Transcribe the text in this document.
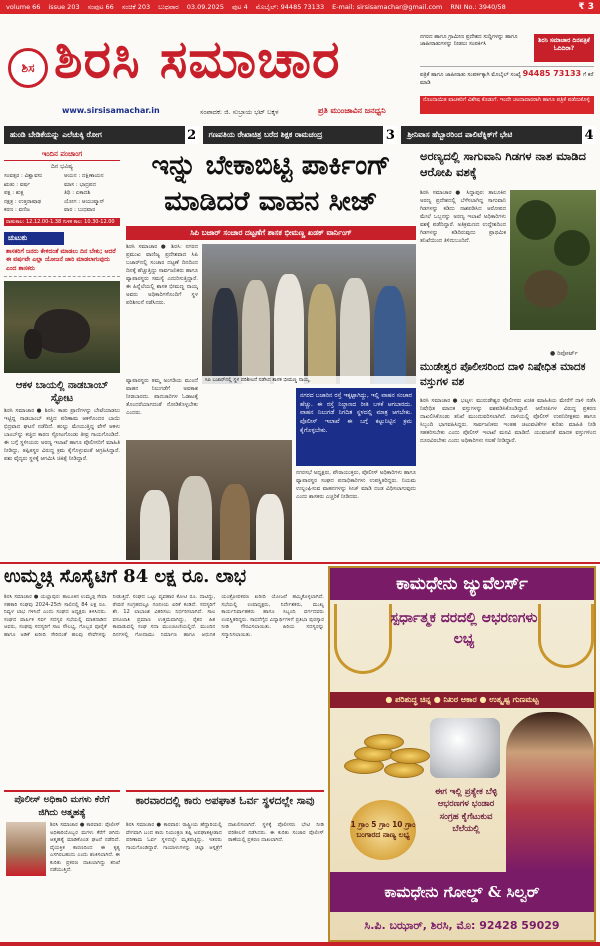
volume 66 issue 203 ಸಂಪುಟ 66 ಸಂಚಿಕೆ 203 ಬುಧವಾರ 03.09.2025 ಪುಟ 4 ಮೊಬೈಲ್: 94485 73133 E-mail: sirsisamachar@gmail.com RNI No.: 3940/58	₹ 3
ಶಿಸ ಶಿರಸಿ ಸಮಾಚಾರ
www.sirsisamachar.in	ಸಂಪಾದಕ: ಜಿ. ಸುಬ್ರಾಯ ಭಟ್ ಬಕ್ಕಳ	ಪ್ರತಿ ಮುಂಜಾವಿನ ಜನಧ್ವನಿ
ನಗರದ ಹಾಗೂ ಗ್ರಾಮೀಣ ಪ್ರದೇಶದ ಸುದ್ದಿಗಳನ್ನು ಹಾಗೂ ಜಾಹೀರಾತುಗಳನ್ನು ನೀಡಲು ಸಂಪರ್ಕಿಸಿ
ಶಿರಸಿ ಸಮಾಚಾರ ದಿನಪತ್ರಿಕೆ ಓದಿದಿರಾ?
ಪತ್ರಿಕೆ ಹಾಗೂ ಜಾಹೀರಾತು ಸಂಪರ್ಕಕ್ಕಾಗಿ ಮೊಬೈಲ್ ಸಂಖ್ಯೆ 94485 73133 ಗೆ ಕರೆ ಮಾಡಿ
ನೊಂದಾಯಿತ ವಾಚಕರಿಗೆ ವಿಶೇಷ ಕೊಡುಗೆ. ಇಂದೇ ಚಂದಾದಾರರಾಗಿ ಹಾಗೂ ಪತ್ರಿಕೆ ಪಡೆದುಕೊಳ್ಳಿ
ಹುಂಡಿ ಬೇಡಿಕೆಯನ್ನು ಎಲೆಚುಕ್ಕಿ ರೋಗ	2	ಗಣಪತಿಯ ರೇಖಾಚಿತ್ರ ಬರೆದ ಶಿಕ್ಷಕ ರಾಮಚಂದ್ರ	3	ಶ್ರೀನಿವಾಸ ಹೆಬ್ಬಾರರಿಂದ ಪಾಲಿಟೆಕ್ನಿಕ್‌ಗೆ ಭೇಟಿ	4
ಇಂದಿನ ಪಂಚಾಂಗ
ದಿನ ಭವಿಷ್ಯ
ಸಂವತ್ಸರ : ವಿಶ್ವಾವಸು	ಆಯನ : ದಕ್ಷಿಣಾಯನ
ಋತು : ವರ್ಷ	ಮಾಸ : ಭಾದ್ರಪದ
ಪಕ್ಷ : ಶುಕ್ಲ	ತಿಥಿ : ಏಕಾದಶಿ
ನಕ್ಷತ್ರ : ಉತ್ತರಾಷಾಢ	ಯೋಗ : ಆಯುಷ್ಮಾನ್
ಕರಣ : ವಣಿಜ	ವಾರ : ಬುಧವಾರ
ರಾಹುಕಾಲ: 12.12.00-1.38 ಗುಳಿಕ ಕಾಲ: 10.30-12.00
ಚುಟುಕು
ಶಾಸಕರಿಗೆ ಜನರು ಕೇಳಿದಂತೆ ಮಾಡಲು ದಿನ ಬೇಕು; ಆದರೆ ಈ ವರ್ಷವೇ ಎಲ್ಲಾ ಯೋಜನೆ ಜಾರಿ ಮಾಡಲಾಗುವುದು ಎಂದ ಶಾಸಕರು
ಆಕಳ ಬಾಯಲ್ಲಿ ನಾಡಬಾಂಬ್ ಸ್ಫೋಟ
ಶಿರಸಿ ಸಮಾಚಾರ ● ಶಿರಸಿ: ಕಾಡು ಪ್ರಾಣಿಗಳನ್ನು ಬೇಟೆಯಾಡಲು ಇಟ್ಟಿದ್ದ ನಾಡಬಾಂಬ್ ಕಚ್ಚಿದ ಪರಿಣಾಮ ಆಕಳೊಂದರ ಬಾಯಿ ಛಿದ್ರವಾದ ಘಟನೆ ನಡೆದಿದೆ. ಹುಲ್ಲು ಮೇಯುತ್ತಿದ್ದ ವೇಳೆ ಆಕಳು ಬಾಂಬ್‌ನ್ನು ಕಚ್ಚಿದ ಕಾರಣ ಸ್ಫೋಟಗೊಂಡು ತೀವ್ರ ಗಾಯಗೊಂಡಿದೆ. ಈ ಬಗ್ಗೆ ಸ್ಥಳೀಯರು ಅರಣ್ಯ ಇಲಾಖೆ ಹಾಗೂ ಪೊಲೀಸರಿಗೆ ಮಾಹಿತಿ ನೀಡಿದ್ದು, ತಪ್ಪಿತಸ್ಥರ ವಿರುದ್ಧ ಕ್ರಮ ಕೈಗೊಳ್ಳುವಂತೆ ಆಗ್ರಹಿಸಿದ್ದಾರೆ. ಪಶು ವೈದ್ಯರು ಸ್ಥಳಕ್ಕೆ ಆಗಮಿಸಿ ಚಿಕಿತ್ಸೆ ನೀಡಿದ್ದಾರೆ.
ಇನ್ನು ಬೇಕಾಬಿಟ್ಟಿ ಪಾರ್ಕಿಂಗ್ ಮಾಡಿದರೆ ವಾಹನ ಸೀಜ್
ಸಿಪಿ ಬಜಾರ್ ಸಂಚಾರ ದಟ್ಟಣೆಗೆ ಶಾಸಕ ಭೀಮಣ್ಣ ಖಡಕ್ ವಾರ್ನಿಂಗ್
ಶಿರಸಿ ಸಮಾಚಾರ ● ಶಿರಸಿ: ನಗರದ ಪ್ರಮುಖ ವಾಣಿಜ್ಯ ಪ್ರದೇಶವಾದ ಸಿಪಿ ಬಜಾರ್‌ನಲ್ಲಿ ಸಂಚಾರ ದಟ್ಟಣೆ ದಿನದಿಂದ ದಿನಕ್ಕೆ ಹೆಚ್ಚುತ್ತಿದ್ದು ಸಾರ್ವಜನಿಕರು ಹಾಗೂ ವ್ಯಾಪಾರಸ್ಥರು ಸಮಸ್ಯೆ ಎದುರಿಸುತ್ತಿದ್ದಾರೆ. ಈ ಹಿನ್ನೆಲೆಯಲ್ಲಿ ಶಾಸಕ ಭೀಮಣ್ಣ ನಾಯ್ಕ ಅವರು ಅಧಿಕಾರಿಗಳೊಂದಿಗೆ ಸ್ಥಳ ಪರಿಶೀಲನೆ ನಡೆಸಿದರು.
ಸಿಪಿ ಬಜಾರ್‌ನಲ್ಲಿ ಸ್ಥಳ ಪರಿಶೀಲನೆ ನಡೆಸಿದ ಶಾಸಕ ಭೀಮಣ್ಣ ನಾಯ್ಕ.
ವ್ಯಾಪಾರಸ್ಥರು ತಮ್ಮ ಅಂಗಡಿಯ ಮುಂದೆ ವಾಹನ ನಿಲುಗಡೆಗೆ ಅವಕಾಶ ನೀಡಬಾರದು. ಪಾದಚಾರಿಗಳ ಓಡಾಟಕ್ಕೆ ತೊಂದರೆಯಾಗದಂತೆ ನೋಡಿಕೊಳ್ಳಬೇಕು ಎಂದರು.
ನಗರದ ಬಜಾರಿನ ರಸ್ತೆ ಇಕ್ಕಟ್ಟಾಗಿದ್ದು, ಇಲ್ಲಿ ವಾಹನ ಸಂಚಾರ ಹೆಚ್ಚು. ಈ ರಸ್ತೆ ನಿಲ್ದಾಣದ ರೀತಿ ಬಳಕೆ ಆಗಬಾರದು. ವಾಹನ ನಿಲುಗಡೆ ನಿಗದಿತ ಸ್ಥಳದಲ್ಲಿ ಮಾತ್ರ ಆಗಬೇಕು. ಪೊಲೀಸ್ ಇಲಾಖೆ ಈ ಬಗ್ಗೆ ಕಟ್ಟುನಿಟ್ಟಿನ ಕ್ರಮ ಕೈಗೊಳ್ಳಬೇಕು.
ನಗರಸಭೆ ಅಧ್ಯಕ್ಷರು, ಪೌರಾಯುಕ್ತರು, ಪೊಲೀಸ್ ಅಧಿಕಾರಿಗಳು ಹಾಗೂ ವ್ಯಾಪಾರಸ್ಥರ ಸಂಘದ ಪದಾಧಿಕಾರಿಗಳು ಉಪಸ್ಥಿತರಿದ್ದರು. ನಿಯಮ ಉಲ್ಲಂಘಿಸುವ ವಾಹನಗಳನ್ನು ಸೀಜ್ ಮಾಡಿ ದಂಡ ವಿಧಿಸಲಾಗುವುದು ಎಂದು ಶಾಸಕರು ಎಚ್ಚರಿಕೆ ನೀಡಿದರು.
ಅರಣ್ಯದಲ್ಲಿ ಸಾಗುವಾನಿ ಗಿಡಗಳ ನಾಶ ಮಾಡಿದ ಆರೋಪಿ ವಶಕ್ಕೆ
ಶಿರಸಿ ಸಮಾಚಾರ ● ಸಿದ್ದಾಪುರ: ತಾಲೂಕಿನ ಅರಣ್ಯ ಪ್ರದೇಶದಲ್ಲಿ ಬೆಳೆಸಲಾಗಿದ್ದ ಸಾಗುವಾನಿ ಗಿಡಗಳನ್ನು ಕಡಿದು ನಾಶಪಡಿಸಿದ ಆರೋಪದ ಮೇಲೆ ಒಬ್ಬನನ್ನು ಅರಣ್ಯ ಇಲಾಖೆ ಅಧಿಕಾರಿಗಳು ವಶಕ್ಕೆ ಪಡೆದಿದ್ದಾರೆ. ಅತಿಕ್ರಮಣದ ಉದ್ದೇಶದಿಂದ ಗಿಡಗಳನ್ನು ಕಡಿದಿರುವುದು ಪ್ರಾಥಮಿಕ ತನಿಖೆಯಿಂದ ತಿಳಿದುಬಂದಿದೆ.
● ರಿಪೋರ್ಟ್
ಮುಡೇಶ್ವರ ಪೊಲೀಸರಿಂದ ದಾಳಿ ನಿಷೇಧಿತ ಮಾದಕ ವಸ್ತುಗಳ ವಶ
ಶಿರಸಿ ಸಮಾಚಾರ ● ಭಟ್ಕಳ: ಮುರುಡೇಶ್ವರ ಪೊಲೀಸರು ಖಚಿತ ಮಾಹಿತಿಯ ಮೇರೆಗೆ ದಾಳಿ ನಡೆಸಿ ನಿಷೇಧಿತ ಮಾದಕ ವಸ್ತುಗಳನ್ನು ವಶಪಡಿಸಿಕೊಂಡಿದ್ದಾರೆ. ಆರೋಪಿಗಳ ವಿರುದ್ಧ ಪ್ರಕರಣ ದಾಖಲಿಸಿಕೊಂಡು ತನಿಖೆ ಮುಂದುವರಿಸಲಾಗಿದೆ. ದಾಳಿಯಲ್ಲಿ ಪೊಲೀಸ್ ಉಪನಿರೀಕ್ಷಕರು ಹಾಗೂ ಸಿಬ್ಬಂದಿ ಭಾಗವಹಿಸಿದ್ದರು. ಸಾರ್ವಜನಿಕರು ಇಂತಹ ಚಟುವಟಿಕೆಗಳ ಕುರಿತು ಮಾಹಿತಿ ನೀಡಿ ಸಹಕರಿಸಬೇಕು ಎಂದು ಪೊಲೀಸ್ ಇಲಾಖೆ ಮನವಿ ಮಾಡಿದೆ. ಯುವಜನತೆ ಮಾದಕ ವಸ್ತುಗಳಿಂದ ದೂರವಿರಬೇಕು ಎಂದು ಅಧಿಕಾರಿಗಳು ಸಲಹೆ ನೀಡಿದ್ದಾರೆ.
ಉಮ್ಮಚ್ಗಿ ಸೊಸೈಟಿಗೆ 84 ಲಕ್ಷ ರೂ. ಲಾಭ
ಶಿರಸಿ ಸಮಾಚಾರ ● ಯಲ್ಲಾಪುರ: ತಾಲೂಕಿನ ಉಮ್ಮಚ್ಗಿ ಸೇವಾ ಸಹಕಾರಿ ಸಂಘವು 2024-25ನೇ ಸಾಲಿನಲ್ಲಿ 84 ಲಕ್ಷ ರೂ. ನಿವ್ವಳ ಲಾಭ ಗಳಿಸಿದೆ ಎಂದು ಸಂಘದ ಅಧ್ಯಕ್ಷರು ತಿಳಿಸಿದರು. ಸಂಘದ ವಾರ್ಷಿಕ ಸರ್ವ ಸದಸ್ಯರ ಸಭೆಯಲ್ಲಿ ಮಾತನಾಡಿದ ಅವರು, ಸಂಘವು ಸದಸ್ಯರಿಗೆ ಸಾಲ ಸೌಲಭ್ಯ, ಗೊಬ್ಬರ ಪೂರೈಕೆ ಹಾಗೂ ಅಡಿಕೆ ಖರೀದಿ ಸೇರಿದಂತೆ ಹಲವು ಸೇವೆಗಳನ್ನು ನೀಡುತ್ತಿದೆ. ಸಂಘದ ಒಟ್ಟು ವ್ಯವಹಾರ ಕೋಟಿ ರೂ. ದಾಟಿದ್ದು, ಠೇವಣಿ ಸಂಗ್ರಹದಲ್ಲೂ ಗಣನೀಯ ಏರಿಕೆ ಕಂಡಿದೆ. ಸದಸ್ಯರಿಗೆ ಶೇ. 12 ಲಾಭಾಂಶ ವಿತರಿಸಲು ನಿರ್ಧರಿಸಲಾಗಿದೆ. ಸಾಲ ವಸೂಲಾತಿ ಪ್ರಮಾಣ ಉತ್ತಮವಾಗಿದ್ದು, ರೈತರ ಹಿತ ಕಾಪಾಡುವಲ್ಲಿ ಸಂಘ ಸದಾ ಮುಂಚೂಣಿಯಲ್ಲಿದೆ. ಮುಂದಿನ ದಿನಗಳಲ್ಲಿ ಗೋದಾಮು ನಿರ್ಮಾಣ ಹಾಗೂ ಆಧುನಿಕ ಯಂತ್ರೋಪಕರಣ ಖರೀದಿ ಯೋಜನೆ ಹಮ್ಮಿಕೊಳ್ಳಲಾಗಿದೆ. ಸಭೆಯಲ್ಲಿ ಉಪಾಧ್ಯಕ್ಷರು, ನಿರ್ದೇಶಕರು, ಮುಖ್ಯ ಕಾರ್ಯನಿರ್ವಾಹಕರು ಹಾಗೂ ಸಿಬ್ಬಂದಿ ವರ್ಗದವರು ಉಪಸ್ಥಿತರಿದ್ದರು. ಸಾಧನೆಗೈದ ವಿದ್ಯಾರ್ಥಿಗಳಿಗೆ ಪ್ರತಿಭಾ ಪುರಸ್ಕಾರ ನೀಡಿ ಗೌರವಿಸಲಾಯಿತು. ಹಿರಿಯ ಸದಸ್ಯರನ್ನು ಸನ್ಮಾನಿಸಲಾಯಿತು.
ಪೊಲೀಸ್ ಅಧಿಕಾರಿ ಮಗಳು ಕೆರೆಗೆ ಜಿಗಿದು ಆತ್ಮಹತ್ಯೆ
ಶಿರಸಿ ಸಮಾಚಾರ ● ಕಾರವಾರ: ಪೊಲೀಸ್ ಅಧಿಕಾರಿಯೊಬ್ಬರ ಮಗಳು ಕೆರೆಗೆ ಜಿಗಿದು ಆತ್ಮಹತ್ಯೆ ಮಾಡಿಕೊಂಡ ಘಟನೆ ನಡೆದಿದೆ. ವೈಯಕ್ತಿಕ ಕಾರಣದಿಂದ ಈ ಕೃತ್ಯ ಎಸಗಿರಬಹುದು ಎಂದು ಶಂಕಿಸಲಾಗಿದೆ. ಈ ಕುರಿತು ಪ್ರಕರಣ ದಾಖಲಾಗಿದ್ದು ತನಿಖೆ ನಡೆಯುತ್ತಿದೆ.
ಕಾರವಾರದಲ್ಲಿ ಕಾರು ಅಪಘಾತ ಓರ್ವ ಸ್ಥಳದಲ್ಲೇ ಸಾವು
ಶಿರಸಿ ಸಮಾಚಾರ ● ಕಾರವಾರ: ರಾಷ್ಟ್ರೀಯ ಹೆದ್ದಾರಿಯಲ್ಲಿ ವೇಗವಾಗಿ ಬಂದ ಕಾರು ನಿಯಂತ್ರಣ ತಪ್ಪಿ ಅಪಘಾತಕ್ಕೀಡಾದ ಪರಿಣಾಮ ಓರ್ವ ಸ್ಥಳದಲ್ಲೇ ಮೃತಪಟ್ಟಿದ್ದು, ಇತರರು ಗಾಯಗೊಂಡಿದ್ದಾರೆ. ಗಾಯಾಳುಗಳನ್ನು ಜಿಲ್ಲಾ ಆಸ್ಪತ್ರೆಗೆ ದಾಖಲಿಸಲಾಗಿದೆ. ಸ್ಥಳಕ್ಕೆ ಪೊಲೀಸರು ಭೇಟಿ ನೀಡಿ ಪರಿಶೀಲನೆ ನಡೆಸಿದರು. ಈ ಕುರಿತು ಸಂಚಾರ ಪೊಲೀಸ್ ಠಾಣೆಯಲ್ಲಿ ಪ್ರಕರಣ ದಾಖಲಾಗಿದೆ.
ಕಾಮಧೇನು ಜ್ಯುವೆಲರ್ಸ್
ಸ್ಪರ್ಧಾತ್ಮಕ ದರದಲ್ಲಿ ಆಭರಣಗಳು ಲಭ್ಯ
● ಪರಿಶುದ್ಧ ಚಿನ್ನ ● ನಿಖರ ಆಕಾರ ● ಉತ್ಕೃಷ್ಟ ಗುಣಮಟ್ಟ
ಈಗ ಇಲ್ಲಿ ಪ್ರತ್ಯೇಕ ಬೆಳ್ಳಿ ಆಭರಣಗಳ ಭಂಡಾರ ಸಂಗ್ರಹ ಕೈಗೆಟುಕುವ ಬೆಲೆಯಲ್ಲಿ
1 ಗ್ರಾಂ 5 ಗ್ರಾಂ 10 ಗ್ರಾಂ ಬಂಗಾರದ ನಾಣ್ಯ ಲಭ್ಯ
ಕಾಮಧೇನು ಗೋಲ್ಡ್ & ಸಿಲ್ವರ್
ಸಿ.ಪಿ. ಬಝಾರ್, ಶಿರಸಿ, ಮೊ: 92428 59029
